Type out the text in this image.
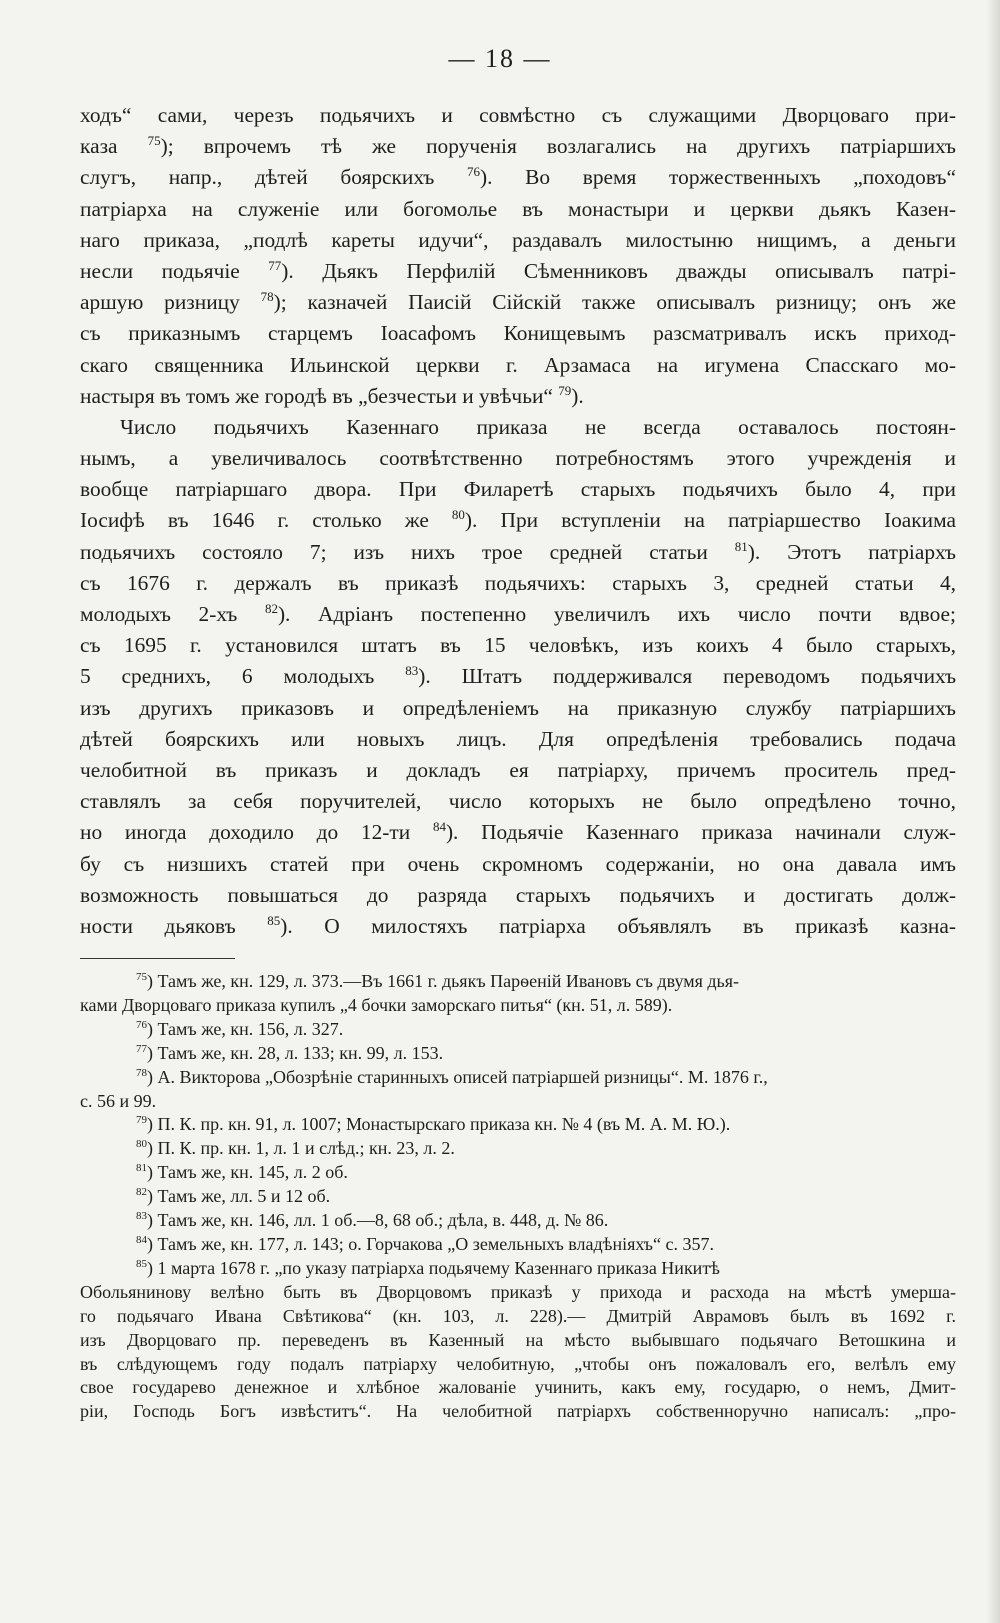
— 18 —
ходъ“ сами, черезъ подьячихъ и совмѣстно съ служащими Дворцоваго при-
каза $^{75}$); впрочемъ тѣ же порученія возлагались на другихъ патріаршихъ
слугъ, напр., дѣтей боярскихъ $^{76}$). Во время торжественныхъ „походовъ“
патріарха на служеніе или богомолье въ монастыри и церкви дьякъ Казен-
наго приказа, „подлѣ кареты идучи“, раздавалъ милостыню нищимъ, а деньги
несли подьячіе $^{77}$). Дьякъ Перфилій Сѣменниковъ дважды описывалъ патрі-
аршую ризницу $^{78}$); казначей Паисій Сійскій также описывалъ ризницу; онъ же
съ приказнымъ старцемъ Іоасафомъ Конищевымъ разсматривалъ искъ приход-
скаго священника Ильинской церкви г. Арзамаса на игумена Спасскаго мо-
настыря въ томъ же городѣ въ „безчестьи и увѣчьи“ $^{79}$).
Число подьячихъ Казеннаго приказа не всегда оставалось постоян-
нымъ, а увеличивалось соотвѣтственно потребностямъ этого учрежденія и
вообще патріаршаго двора. При Филаретѣ старыхъ подьячихъ было 4, при
Іосифѣ въ 1646 г. столько же $^{80}$). При вступленіи на патріаршество Іоакима
подьячихъ состояло 7; изъ нихъ трое средней статьи $^{81}$). Этотъ патріархъ
съ 1676 г. держалъ въ приказѣ подьячихъ: старыхъ 3, средней статьи 4,
молодыхъ 2-хъ $^{82}$). Адріанъ постепенно увеличилъ ихъ число почти вдвое;
съ 1695 г. установился штатъ въ 15 человѣкъ, изъ коихъ 4 было старыхъ,
5 среднихъ, 6 молодыхъ $^{83}$). Штатъ поддерживался переводомъ подьячихъ
изъ другихъ приказовъ и опредѣленіемъ на приказную службу патріаршихъ
дѣтей боярскихъ или новыхъ лицъ. Для опредѣленія требовались подача
челобитной въ приказъ и докладъ ея патріарху, причемъ проситель пред-
ставлялъ за себя поручителей, число которыхъ не было опредѣлено точно,
но иногда доходило до 12-ти $^{84}$). Подьячіе Казеннаго приказа начинали служ-
бу съ низшихъ статей при очень скромномъ содержаніи, но она давала имъ
возможность повышаться до разряда старыхъ подьячихъ и достигать долж-
ности дьяковъ $^{85}$). О милостяхъ патріарха объявлялъ въ приказѣ казна-
$^{75}$) Тамъ же, кн. 129, л. 373.—Въ 1661 г. дьякъ Парѳеній Ивановъ съ двумя дья-
ками Дворцоваго приказа купилъ „4 бочки заморскаго питья“ (кн. 51, л. 589).
$^{76}$) Тамъ же, кн. 156, л. 327.
$^{77}$) Тамъ же, кн. 28, л. 133; кн. 99, л. 153.
$^{78}$) А. Викторова „Обозрѣніе старинныхъ описей патріаршей ризницы“. М. 1876 г.,
с. 56 и 99.
$^{79}$) П. К. пр. кн. 91, л. 1007; Монастырскаго приказа кн. № 4 (въ М. А. М. Ю.).
$^{80}$) П. К. пр. кн. 1, л. 1 и слѣд.; кн. 23, л. 2.
$^{81}$) Тамъ же, кн. 145, л. 2 об.
$^{82}$) Тамъ же, лл. 5 и 12 об.
$^{83}$) Тамъ же, кн. 146, лл. 1 об.—8, 68 об.; дѣла, в. 448, д. № 86.
$^{84}$) Тамъ же, кн. 177, л. 143; о. Горчакова „О земельныхъ владѣніяхъ“ с. 357.
$^{85}$) 1 марта 1678 г. „по указу патріарха подьячему Казеннаго приказа Никитѣ
Обольянинову велѣно быть въ Дворцовомъ приказѣ у прихода и расхода на мѣстѣ умерша-
го подьячаго Ивана Свѣтикова“ (кн. 103, л. 228).— Дмитрій Аврамовъ былъ въ 1692 г.
изъ Дворцоваго пр. переведенъ въ Казенный на мѣсто выбывшаго подьячаго Ветошкина и
въ слѣдующемъ году подалъ патріарху челобитную, „чтобы онъ пожаловалъ его, велѣлъ ему
свое государево денежное и хлѣбное жалованіе учинить, какъ ему, государю, о немъ, Дмит-
ріи, Господь Богъ извѣститъ“. На челобитной патріархъ собственноручно написалъ: „про-
